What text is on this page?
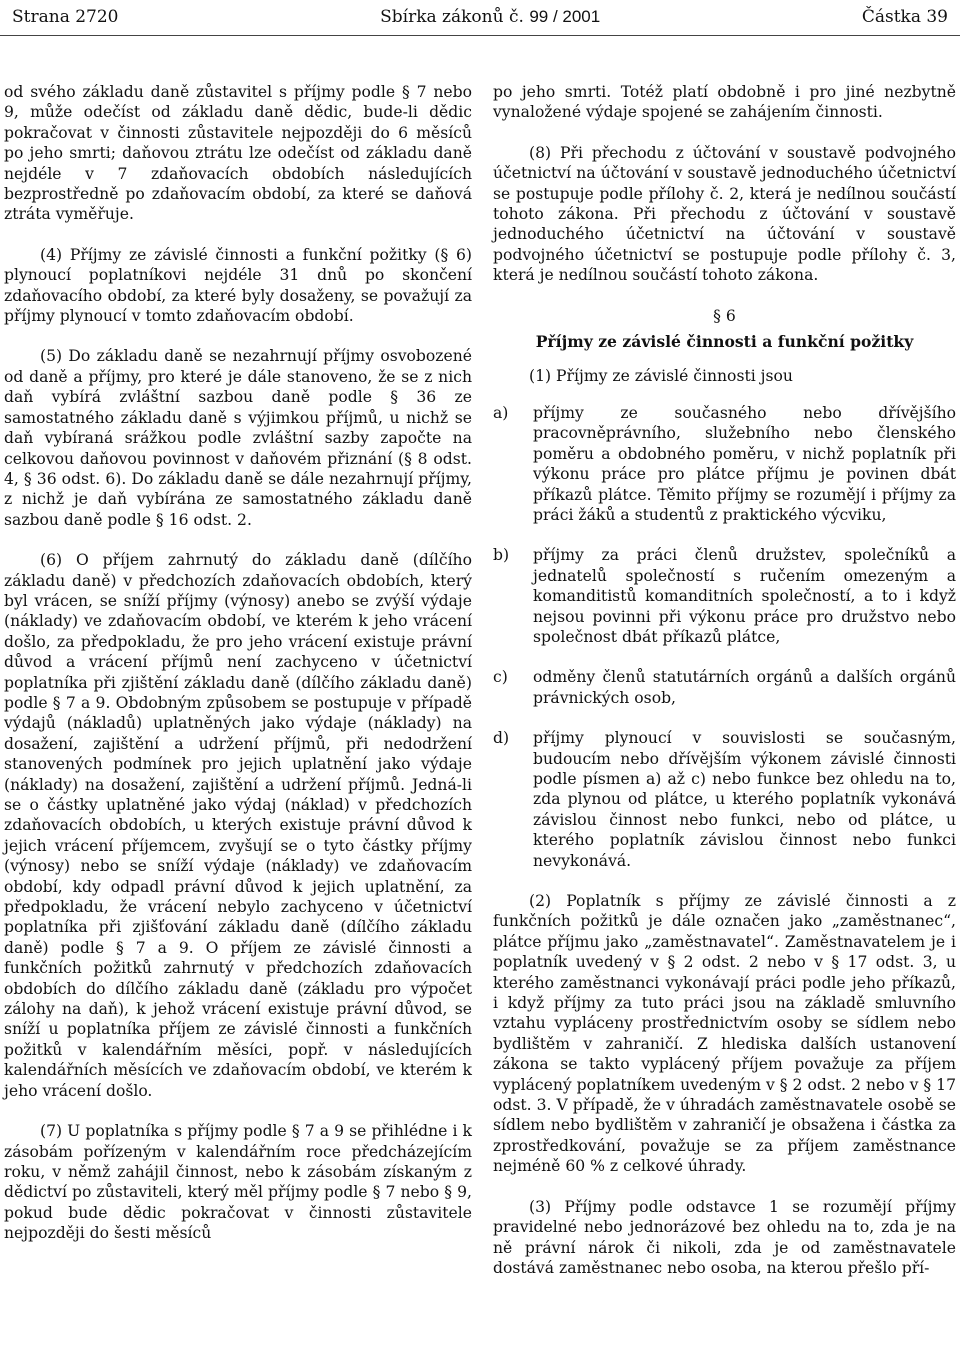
Strana 2720	Sbírka zákonů č. 99 / 2001	Částka 39

od svého základu daně zůstavitel s příjmy podle § 7 nebo 9, může odečíst od základu daně dědic, bude-li dědic pokračovat v činnosti zůstavitele nejpozději do 6 měsíců po jeho smrti; daňovou ztrátu lze odečíst od základu daně nejdéle v 7 zdaňovacích obdobích následujících bezprostředně po zdaňovacím období, za které se daňová ztráta vyměřuje.

(4) Příjmy ze závislé činnosti a funkční požitky (§ 6) plynoucí poplatníkovi nejdéle 31 dnů po skončení zdaňovacího období, za které byly dosaženy, se považují za příjmy plynoucí v tomto zdaňovacím období.

(5) Do základu daně se nezahrnují příjmy osvobozené od daně a příjmy, pro které je dále stanoveno, že se z nich daň vybírá zvláštní sazbou daně podle § 36 ze samostatného základu daně s výjimkou příjmů, u nichž se daň vybíraná srážkou podle zvláštní sazby započte na celkovou daňovou povinnost v daňovém přiznání (§ 8 odst. 4, § 36 odst. 6). Do základu daně se dále nezahrnují příjmy, z nichž je daň vybírána ze samostatného základu daně sazbou daně podle § 16 odst. 2.

(6) O příjem zahrnutý do základu daně (dílčího základu daně) v předchozích zdaňovacích obdobích, který byl vrácen, se sníží příjmy (výnosy) anebo se zvýší výdaje (náklady) ve zdaňovacím období, ve kterém k jeho vrácení došlo, za předpokladu, že pro jeho vrácení existuje právní důvod a vrácení příjmů není zachyceno v účetnictví poplatníka při zjištění základu daně (dílčího základu daně) podle § 7 a 9. Obdobným způsobem se postupuje v případě výdajů (nákladů) uplatněných jako výdaje (náklady) na dosažení, zajištění a udržení příjmů, při nedodržení stanovených podmínek pro jejich uplatnění jako výdaje (náklady) na dosažení, zajištění a udržení příjmů. Jedná-li se o částky uplatněné jako výdaj (náklad) v předchozích zdaňovacích obdobích, u kterých existuje právní důvod k jejich vrácení příjemcem, zvyšují se o tyto částky příjmy (výnosy) nebo se sníží výdaje (náklady) ve zdaňovacím období, kdy odpadl právní důvod k jejich uplatnění, za předpokladu, že vrácení nebylo zachyceno v účetnictví poplatníka při zjišťování základu daně (dílčího základu daně) podle § 7 a 9. O příjem ze závislé činnosti a funkčních požitků zahrnutý v předchozích zdaňovacích obdobích do dílčího základu daně (základu pro výpočet zálohy na daň), k jehož vrácení existuje právní důvod, se sníží u poplatníka příjem ze závislé činnosti a funkčních požitků v kalendářním měsíci, popř. v následujících kalendářních měsících ve zdaňovacím období, ve kterém k jeho vrácení došlo.

(7) U poplatníka s příjmy podle § 7 a 9 se přihlédne i k zásobám pořízeným v kalendářním roce předcházejícím roku, v němž zahájil činnost, nebo k zásobám získaným z dědictví po zůstaviteli, který měl příjmy podle § 7 nebo § 9, pokud bude dědic pokračovat v činnosti zůstavitele nejpozději do šesti měsíců

po jeho smrti. Totéž platí obdobně i pro jiné nezbytně vynaložené výdaje spojené se zahájením činnosti.

(8) Při přechodu z účtování v soustavě podvojného účetnictví na účtování v soustavě jednoduchého účetnictví se postupuje podle přílohy č. 2, která je nedílnou součástí tohoto zákona. Při přechodu z účtování v soustavě jednoduchého účetnictví na účtování v soustavě podvojného účetnictví se postupuje podle přílohy č. 3, která je nedílnou součástí tohoto zákona.

§ 6
Příjmy ze závislé činnosti a funkční požitky

(1) Příjmy ze závislé činnosti jsou

a)	příjmy ze současného nebo dřívějšího pracovněprávního, služebního nebo členského poměru a obdobného poměru, v nichž poplatník při výkonu práce pro plátce příjmu je povinen dbát příkazů plátce. Těmito příjmy se rozumějí i příjmy za práci žáků a studentů z praktického výcviku,
b)	příjmy za práci členů družstev, společníků a jednatelů společností s ručením omezeným a komanditistů komanditních společností, a to i když nejsou povinni při výkonu práce pro družstvo nebo společnost dbát příkazů plátce,
c)	odměny členů statutárních orgánů a dalších orgánů právnických osob,
d)	příjmy plynoucí v souvislosti se současným, budoucím nebo dřívějším výkonem závislé činnosti podle písmen a) až c) nebo funkce bez ohledu na to, zda plynou od plátce, u kterého poplatník vykonává závislou činnost nebo funkci, nebo od plátce, u kterého poplatník závislou činnost nebo funkci nevykonává.

(2) Poplatník s příjmy ze závislé činnosti a z funkčních požitků je dále označen jako „zaměstnanec“, plátce příjmu jako „zaměstnavatel“. Zaměstnavatelem je i poplatník uvedený v § 2 odst. 2 nebo v § 17 odst. 3, u kterého zaměstnanci vykonávají práci podle jeho příkazů, i když příjmy za tuto práci jsou na základě smluvního vztahu vypláceny prostřednictvím osoby se sídlem nebo bydlištěm v zahraničí. Z hlediska dalších ustanovení zákona se takto vyplácený příjem považuje za příjem vyplácený poplatníkem uvedeným v § 2 odst. 2 nebo v § 17 odst. 3. V případě, že v úhradách zaměstnavatele osobě se sídlem nebo bydlištěm v zahraničí je obsažena i částka za zprostředkování, považuje se za příjem zaměstnance nejméně 60 % z celkové úhrady.

(3) Příjmy podle odstavce 1 se rozumějí příjmy pravidelné nebo jednorázové bez ohledu na to, zda je na ně právní nárok či nikoli, zda je od zaměstnavatele dostává zaměstnanec nebo osoba, na kterou přešlo pří-
